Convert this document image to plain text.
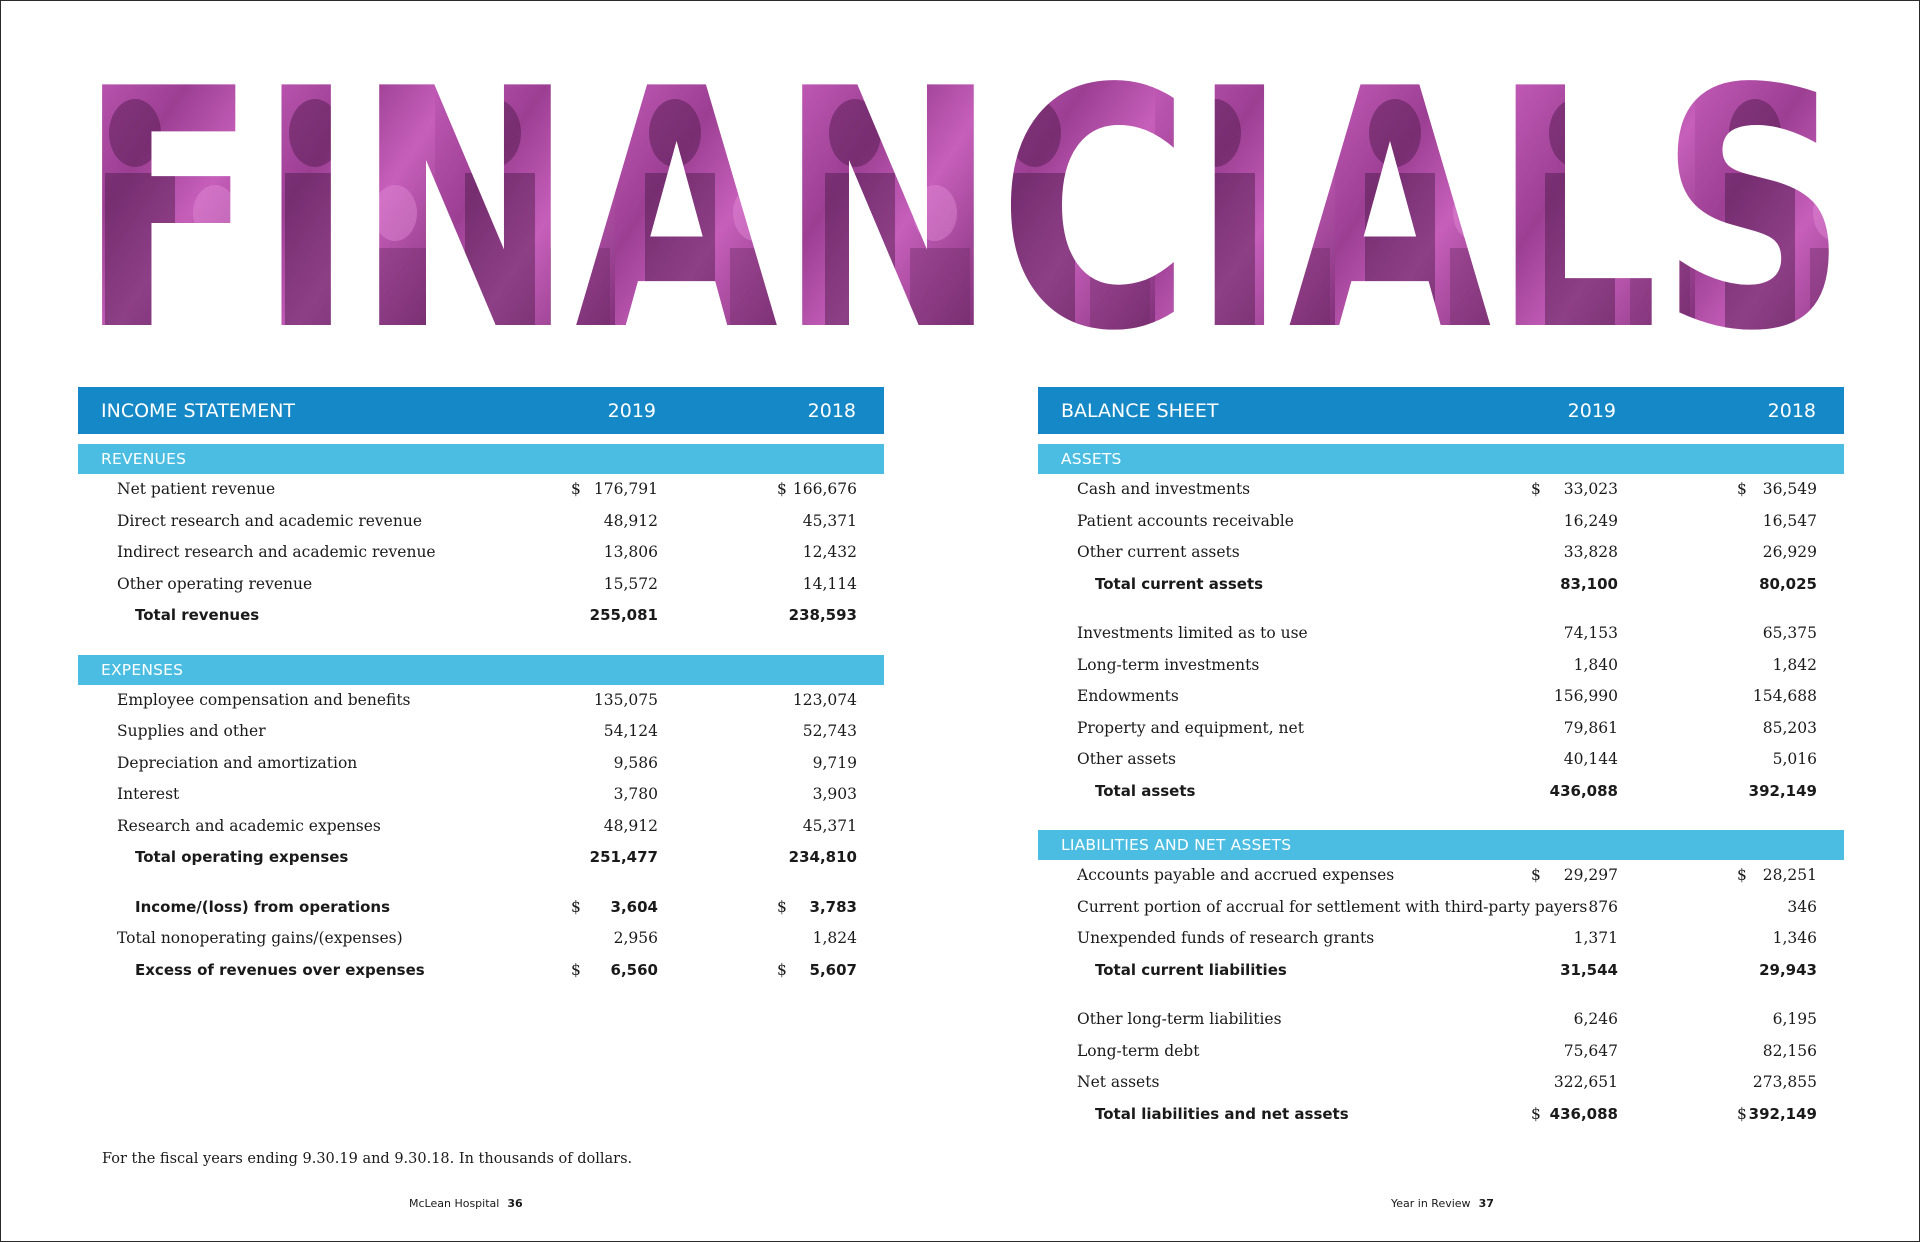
FINANCIALS
INCOME STATEMENT	2019	2018
REVENUES
Net patient revenue	$ 176,791	$ 166,676
Direct research and academic revenue	48,912	45,371
Indirect research and academic revenue	13,806	12,432
Other operating revenue	15,572	14,114
Total revenues	255,081	238,593
EXPENSES
Employee compensation and benefits	135,075	123,074
Supplies and other	54,124	52,743
Depreciation and amortization	9,586	9,719
Interest	3,780	3,903
Research and academic expenses	48,912	45,371
Total operating expenses	251,477	234,810
Income/(loss) from operations	$ 3,604	$ 3,783
Total nonoperating gains/(expenses)	2,956	1,824
Excess of revenues over expenses	$ 6,560	$ 5,607
BALANCE SHEET	2019	2018
ASSETS
Cash and investments	$ 33,023	$ 36,549
Patient accounts receivable	16,249	16,547
Other current assets	33,828	26,929
Total current assets	83,100	80,025
Investments limited as to use	74,153	65,375
Long-term investments	1,840	1,842
Endowments	156,990	154,688
Property and equipment, net	79,861	85,203
Other assets	40,144	5,016
Total assets	436,088	392,149
LIABILITIES AND NET ASSETS
Accounts payable and accrued expenses	$ 29,297	$ 28,251
Current portion of accrual for settlement with third-party payers 876	346
Unexpended funds of research grants	1,371	1,346
Total current liabilities	31,544	29,943
Other long-term liabilities	6,246	6,195
Long-term debt	75,647	82,156
Net assets	322,651	273,855
Total liabilities and net assets	$ 436,088	$ 392,149
For the fiscal years ending 9.30.19 and 9.30.18. In thousands of dollars.
McLean Hospital 36	Year in Review 37
